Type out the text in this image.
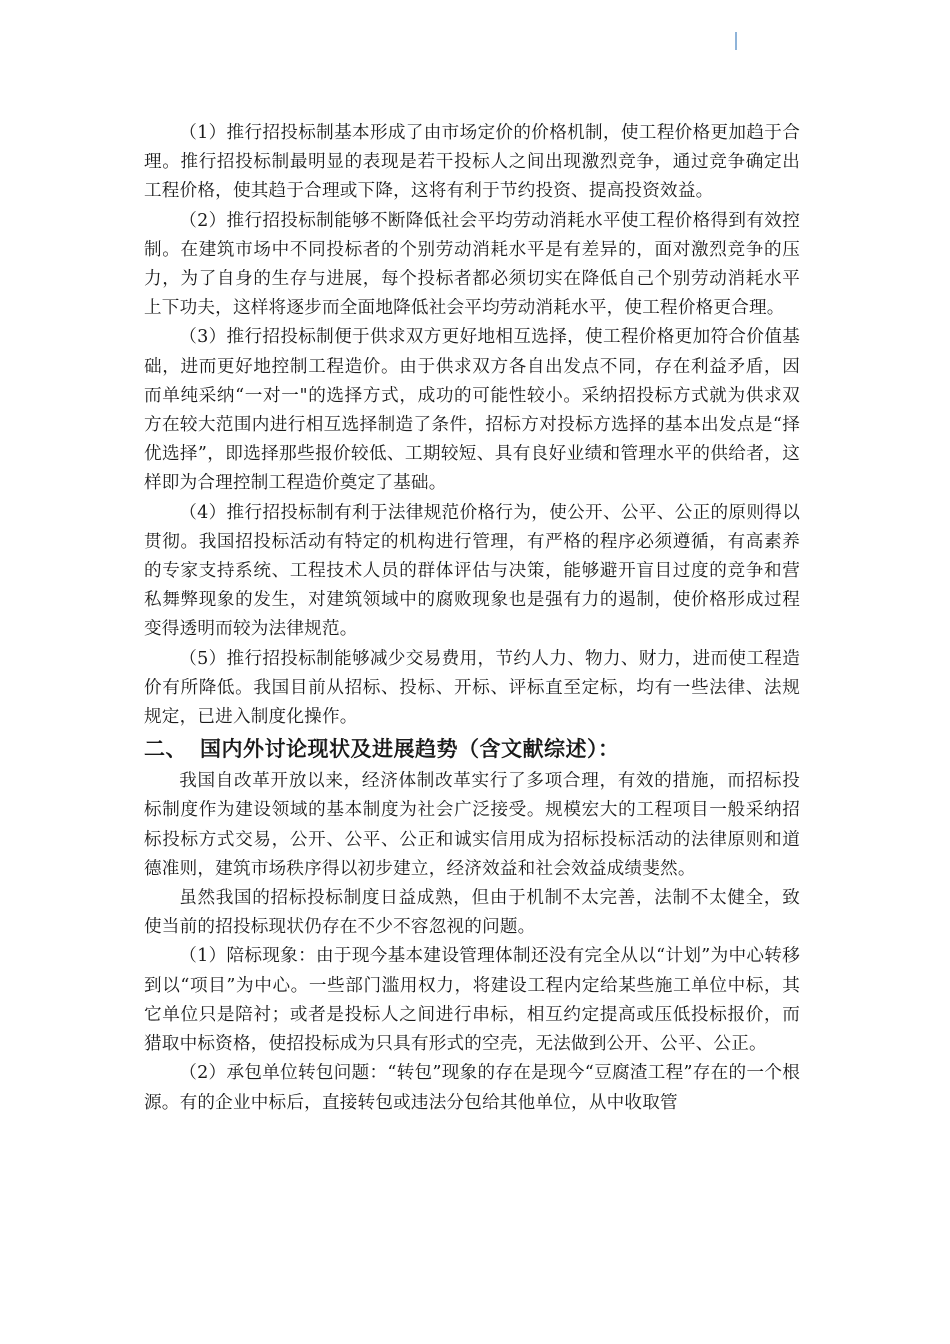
（1）推行招投标制基本形成了由市场定价的价格机制，使工程价格更加趋于合理。推行招投标制最明显的表现是若干投标人之间出现激烈竞争，通过竞争确定出工程价格，使其趋于合理或下降，这将有利于节约投资、提高投资效益。

（2）推行招投标制能够不断降低社会平均劳动消耗水平使工程价格得到有效控制。在建筑市场中不同投标者的个别劳动消耗水平是有差异的，面对激烈竞争的压力，为了自身的生存与进展，每个投标者都必须切实在降低自己个别劳动消耗水平上下功夫，这样将逐步而全面地降低社会平均劳动消耗水平，使工程价格更合理。

（3）推行招投标制便于供求双方更好地相互选择，使工程价格更加符合价值基础，进而更好地控制工程造价。由于供求双方各自出发点不同，存在利益矛盾，因而单纯采纳“一对一"的选择方式，成功的可能性较小。采纳招投标方式就为供求双方在较大范围内进行相互选择制造了条件，招标方对投标方选择的基本出发点是“择优选择”，即选择那些报价较低、工期较短、具有良好业绩和管理水平的供给者，这样即为合理控制工程造价奠定了基础。

（4）推行招投标制有利于法律规范价格行为，使公开、公平、公正的原则得以贯彻。我国招投标活动有特定的机构进行管理，有严格的程序必须遵循，有高素养的专家支持系统、工程技术人员的群体评估与决策，能够避开盲目过度的竞争和营私舞弊现象的发生，对建筑领域中的腐败现象也是强有力的遏制，使价格形成过程变得透明而较为法律规范。

（5）推行招投标制能够减少交易费用，节约人力、物力、财力，进而使工程造价有所降低。我国目前从招标、投标、开标、评标直至定标，均有一些法律、法规规定，已进入制度化操作。

二、 国内外讨论现状及进展趋势（含文献综述）：

我国自改革开放以来，经济体制改革实行了多项合理，有效的措施，而招标投标制度作为建设领域的基本制度为社会广泛接受。规模宏大的工程项目一般采纳招标投标方式交易，公开、公平、公正和诚实信用成为招标投标活动的法律原则和道德准则，建筑市场秩序得以初步建立，经济效益和社会效益成绩斐然。

虽然我国的招标投标制度日益成熟，但由于机制不太完善，法制不太健全，致使当前的招投标现状仍存在不少不容忽视的问题。

（1）陪标现象：由于现今基本建设管理体制还没有完全从以“计划”为中心转移到以“项目”为中心。一些部门滥用权力，将建设工程内定给某些施工单位中标，其它单位只是陪衬；或者是投标人之间进行串标，相互约定提高或压低投标报价，而猎取中标资格，使招投标成为只具有形式的空壳，无法做到公开、公平、公正。

（2）承包单位转包问题：“转包”现象的存在是现今“豆腐渣工程”存在的一个根源。有的企业中标后，直接转包或违法分包给其他单位，从中收取管
